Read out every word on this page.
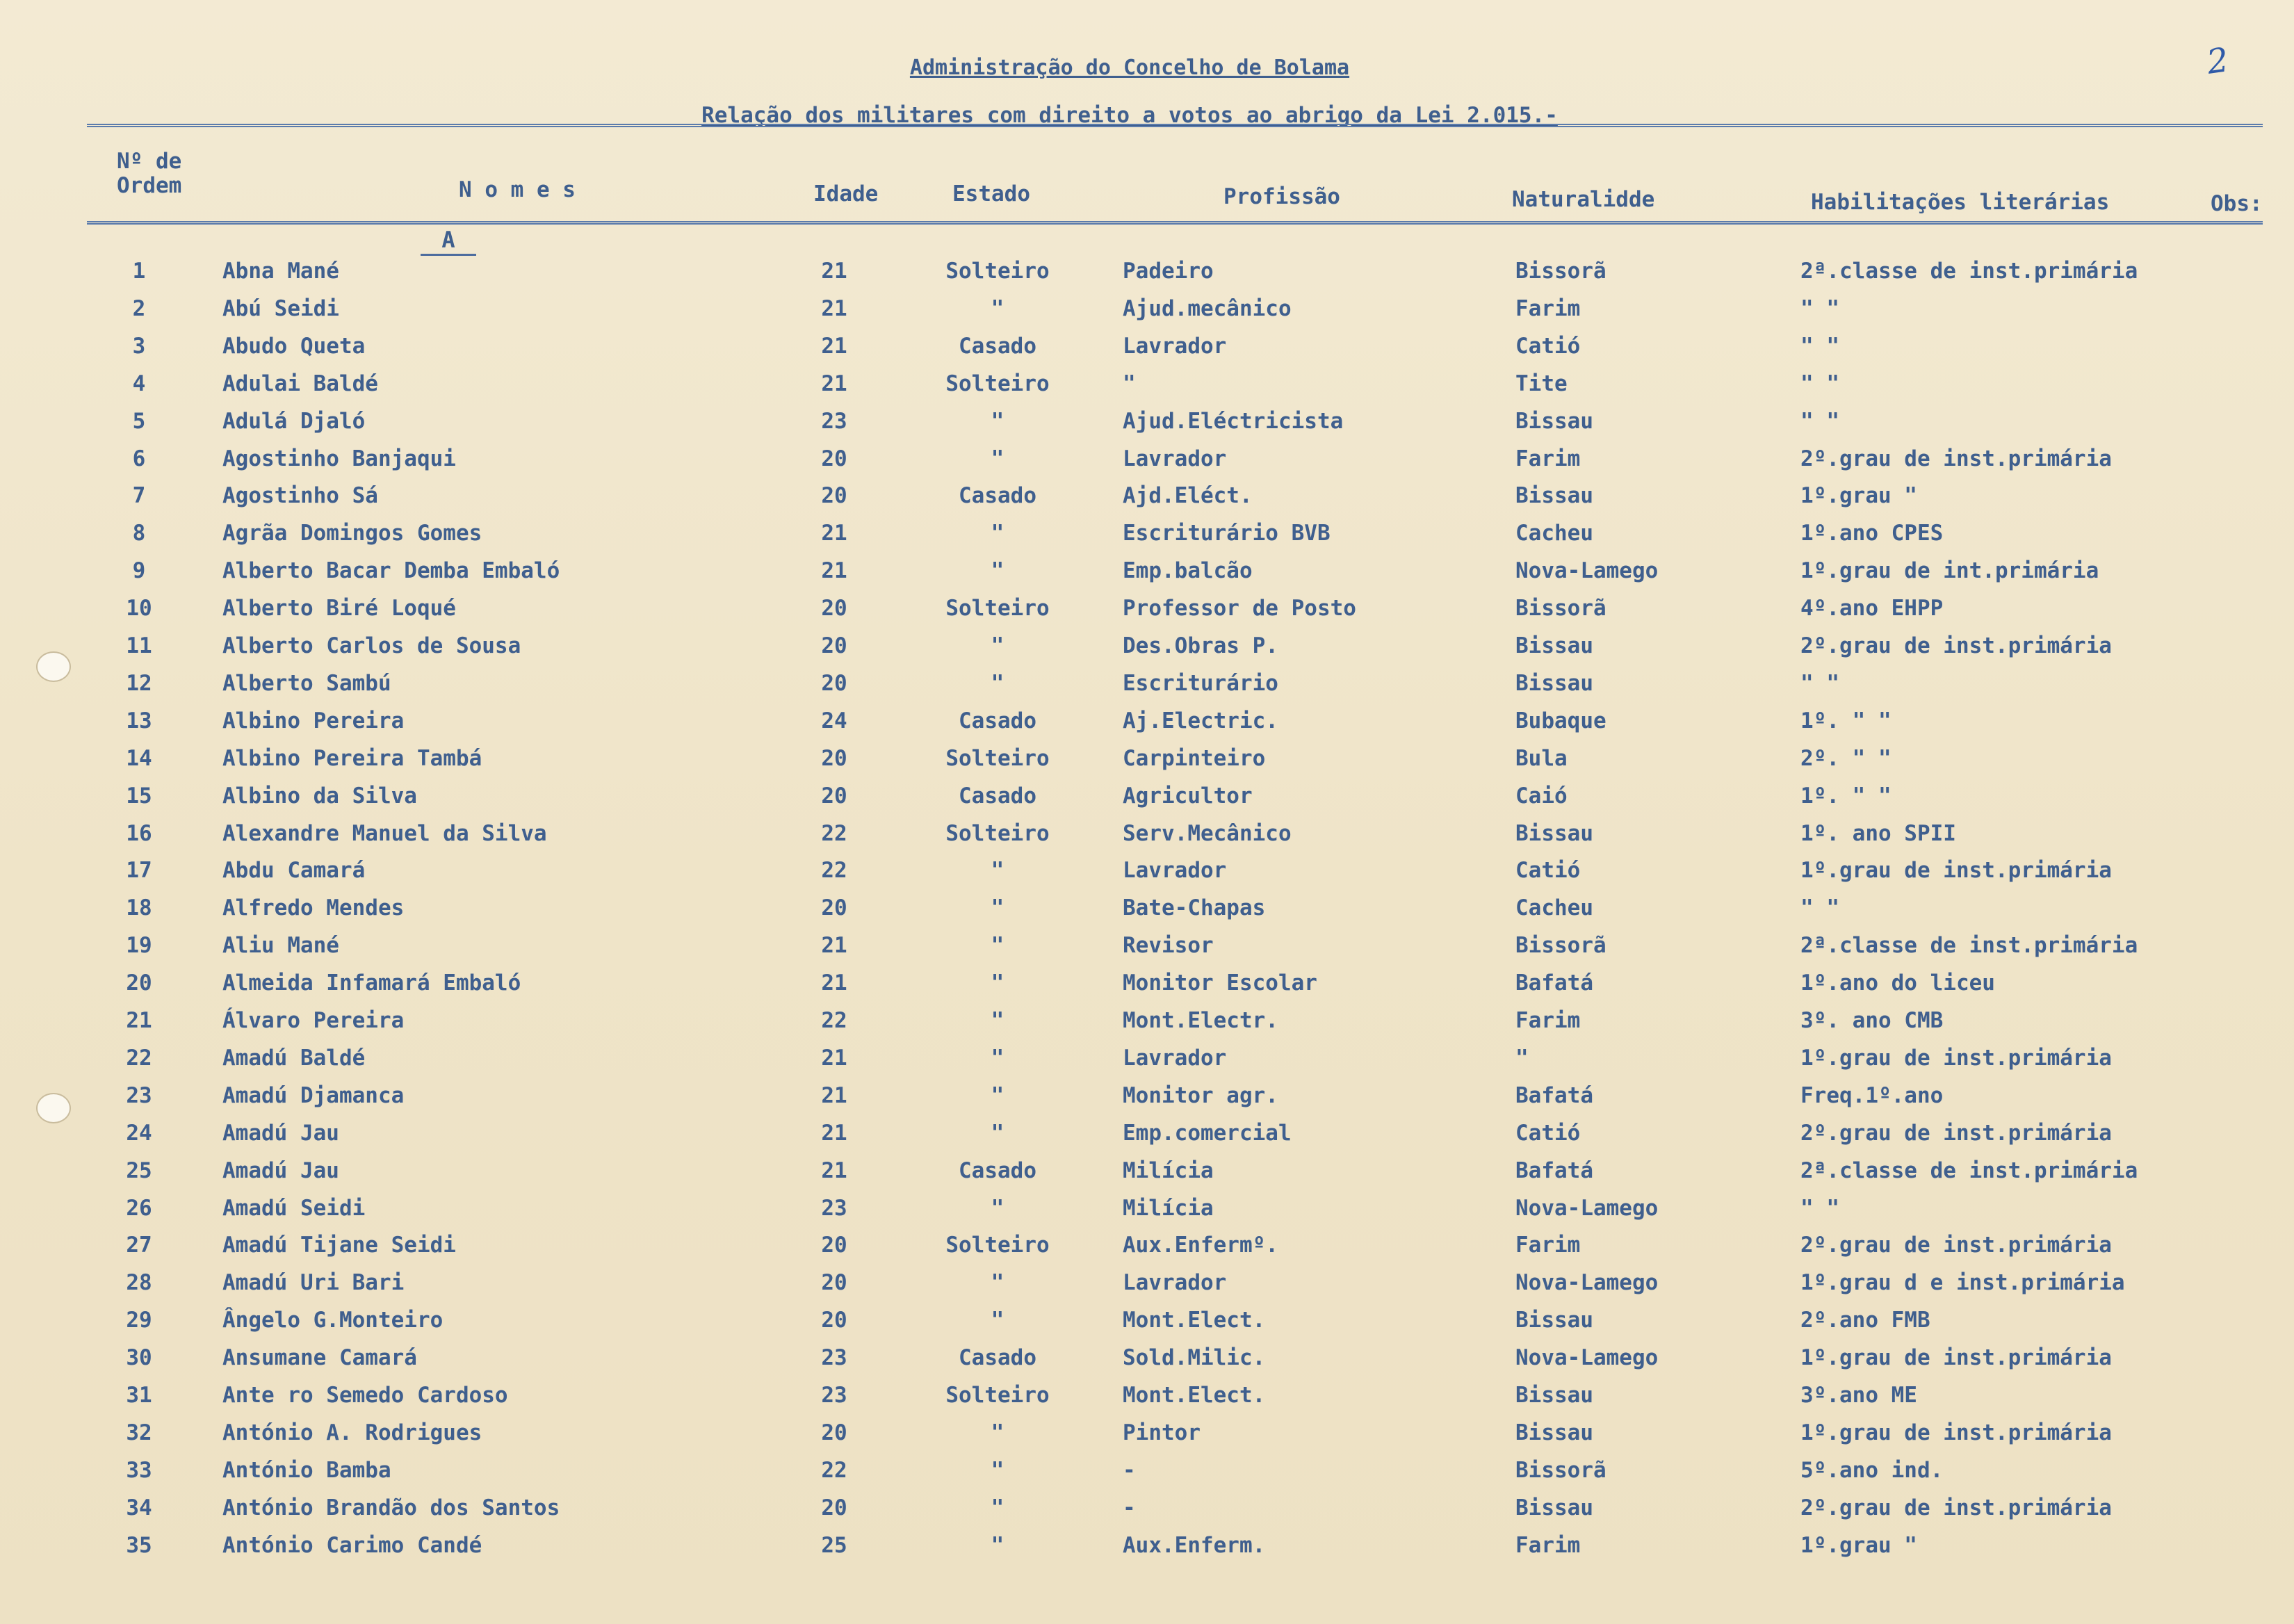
Administração do Concelho de Bolama
Relação dos militares com direito a votos ao abrigo da Lei 2.015.-
2
Nº de
Ordem	N o m e s	Idade	Estado	Profissão	Naturalidde	Habilitações literárias	Obs:
A
1	Abna Mané	21	Solteiro	Padeiro	Bissorã	2ª.classe de inst.primária
2	Abú Seidi	21	"	Ajud.mecânico	Farim	" "
3	Abudo Queta	21	Casado	Lavrador	Catió	" "
4	Adulai Baldé	21	Solteiro	"	Tite	" "
5	Adulá Djaló	23	"	Ajud.Eléctricista	Bissau	" "
6	Agostinho Banjaqui	20	"	Lavrador	Farim	2º.grau de inst.primária
7	Agostinho Sá	20	Casado	Ajd.Eléct.	Bissau	1º.grau "
8	Agrãa Domingos Gomes	21	"	Escriturário BVB	Cacheu	1º.ano CPES
9	Alberto Bacar Demba Embaló	21	"	Emp.balcão	Nova-Lamego	1º.grau de int.primária
10	Alberto Biré Loqué	20	Solteiro	Professor de Posto	Bissorã	4º.ano EHPP
11	Alberto Carlos de Sousa	20	"	Des.Obras P.	Bissau	2º.grau de inst.primária
12	Alberto Sambú	20	"	Escriturário	Bissau	" "
13	Albino Pereira	24	Casado	Aj.Electric.	Bubaque	1º. " "
14	Albino Pereira Tambá	20	Solteiro	Carpinteiro	Bula	2º. " "
15	Albino da Silva	20	Casado	Agricultor	Caió	1º. " "
16	Alexandre Manuel da Silva	22	Solteiro	Serv.Mecânico	Bissau	1º. ano SPII
17	Abdu Camará	22	"	Lavrador	Catió	1º.grau de inst.primária
18	Alfredo Mendes	20	"	Bate-Chapas	Cacheu	" "
19	Aliu Mané	21	"	Revisor	Bissorã	2ª.classe de inst.primária
20	Almeida Infamará Embaló	21	"	Monitor Escolar	Bafatá	1º.ano do liceu
21	Álvaro Pereira	22	"	Mont.Electr.	Farim	3º. ano CMB
22	Amadú Baldé	21	"	Lavrador	"	1º.grau de inst.primária
23	Amadú Djamanca	21	"	Monitor agr.	Bafatá	Freq.1º.ano
24	Amadú Jau	21	"	Emp.comercial	Catió	2º.grau de inst.primária
25	Amadú Jau	21	Casado	Milícia	Bafatá	2ª.classe de inst.primária
26	Amadú Seidi	23	"	Milícia	Nova-Lamego	" "
27	Amadú Tijane Seidi	20	Solteiro	Aux.Enfermº.	Farim	2º.grau de inst.primária
28	Amadú Uri Bari	20	"	Lavrador	Nova-Lamego	1º.grau d e inst.primária
29	Ângelo G.Monteiro	20	"	Mont.Elect.	Bissau	2º.ano FMB
30	Ansumane Camará	23	Casado	Sold.Milic.	Nova-Lamego	1º.grau de inst.primária
31	Ante ro Semedo Cardoso	23	Solteiro	Mont.Elect.	Bissau	3º.ano ME
32	António A. Rodrigues	20	"	Pintor	Bissau	1º.grau de inst.primária
33	António Bamba	22	"	-	Bissorã	5º.ano ind.
34	António Brandão dos Santos	20	"	-	Bissau	2º.grau de inst.primária
35	António Carimo Candé	25	"	Aux.Enferm.	Farim	1º.grau "
